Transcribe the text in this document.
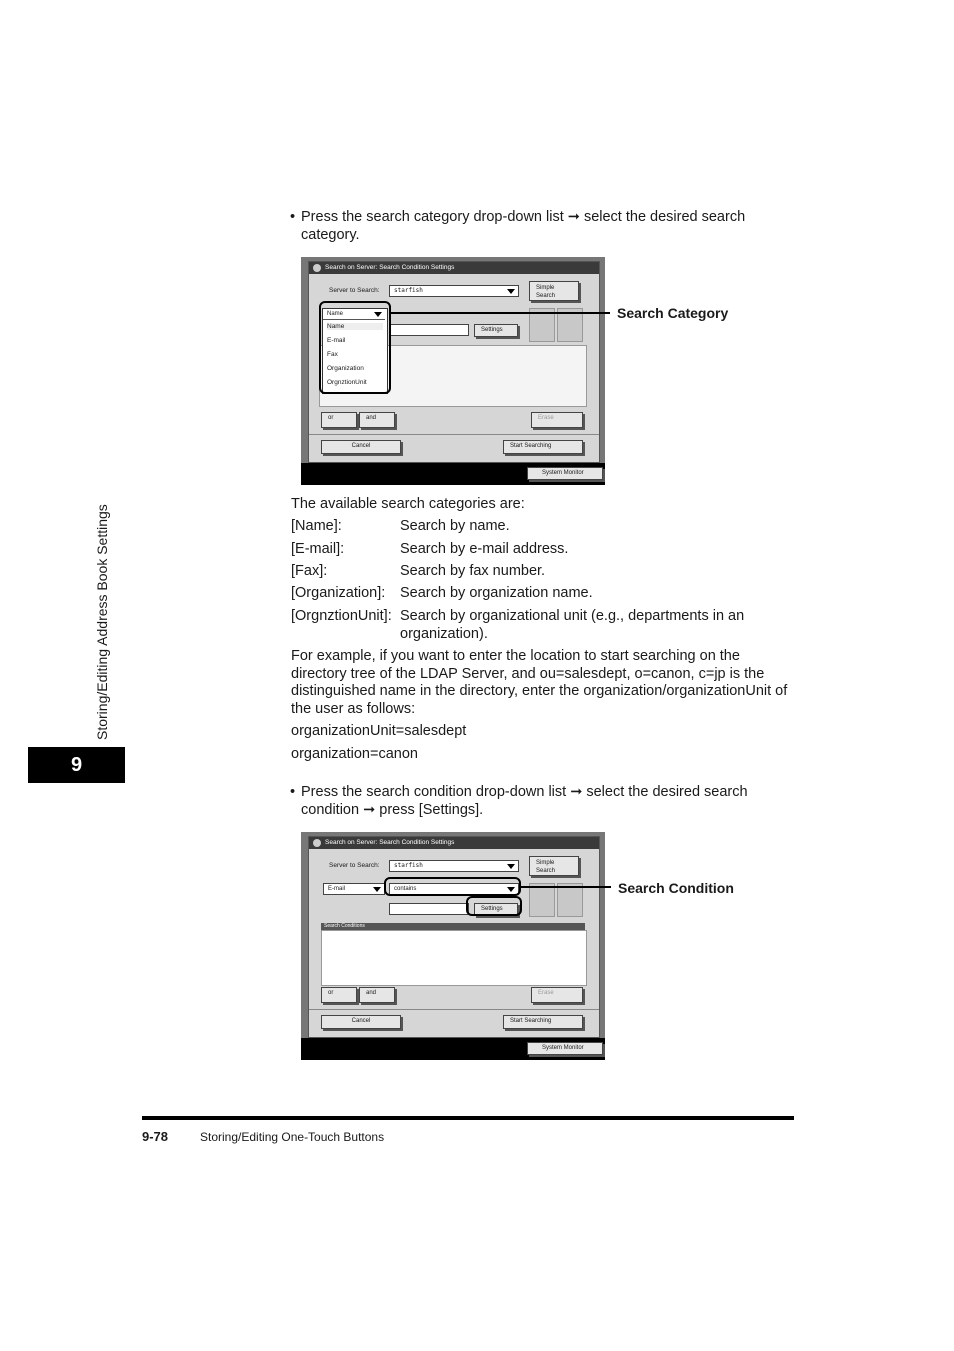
Storing/Editing Address Book Settings
9
• Press the search category drop-down list ➞ select the desired search
category.
Search on Server: Search Condition Settings
Server to Search:	starfish	Simple
Search
Settings
or	and	Erase
Cancel	Start Searching
Name
Name
E-mail
Fax
Organization
OrgnztionUnit
System Monitor
Search Category
The available search categories are:
[Name]:	Search by name.
[E-mail]:	Search by e-mail address.
[Fax]:	Search by fax number.
[Organization]: Search by organization name.
[OrgnztionUnit]: Search by organizational unit (e.g., departments in an
organization).
For example, if you want to enter the location to start searching on the
directory tree of the LDAP Server, and ou=salesdept, o=canon, c=jp is the
distinguished name in the directory, enter the organization/organizationUnit of
the user as follows:
organizationUnit=salesdept
organization=canon
• Press the search condition drop-down list ➞ select the desired search
condition ➞ press [Settings].
Search on Server: Search Condition Settings
Server to Search:	starfish	Simple
Search
E-mail	contains
Settings
Search Conditions
or	and	Erase
Cancel	Start Searching
System Monitor
Search Condition
9-78	Storing/Editing One-Touch Buttons
